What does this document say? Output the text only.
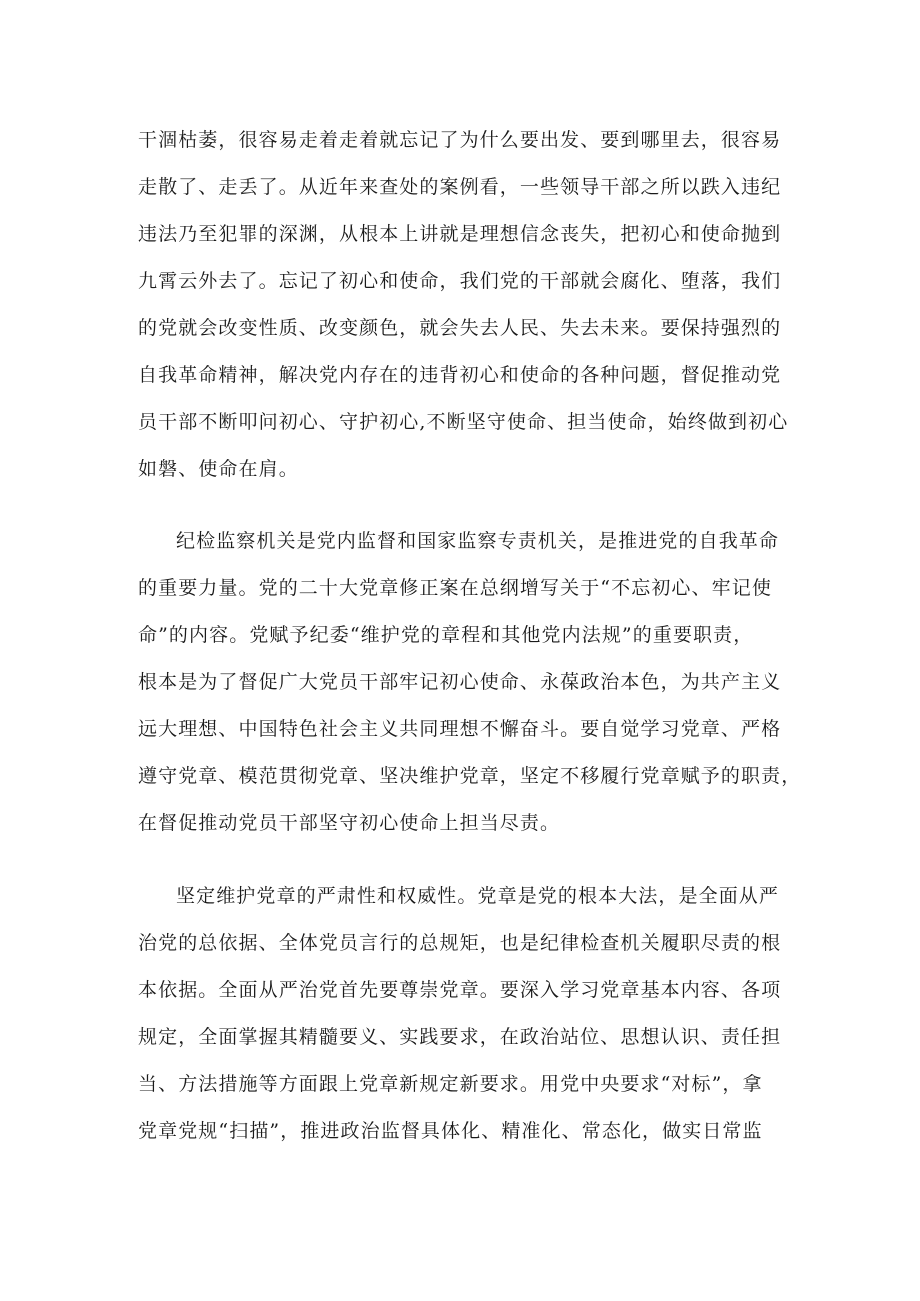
干涸枯萎，很容易走着走着就忘记了为什么要出发、要到哪里去，很容易
走散了、走丢了。从近年来查处的案例看，一些领导干部之所以跌入违纪
违法乃至犯罪的深渊，从根本上讲就是理想信念丧失，把初心和使命抛到
九霄云外去了。忘记了初心和使命，我们党的干部就会腐化、堕落，我们
的党就会改变性质、改变颜色，就会失去人民、失去未来。要保持强烈的
自我革命精神，解决党内存在的违背初心和使命的各种问题，督促推动党
员干部不断叩问初心、守护初心,不断坚守使命、担当使命，始终做到初心
如磐、使命在肩。
纪检监察机关是党内监督和国家监察专责机关，是推进党的自我革命
的重要力量。党的二十大党章修正案在总纲增写关于“不忘初心、牢记使
命”的内容。党赋予纪委“维护党的章程和其他党内法规”的重要职责，
根本是为了督促广大党员干部牢记初心使命、永葆政治本色，为共产主义
远大理想、中国特色社会主义共同理想不懈奋斗。要自觉学习党章、严格
遵守党章、模范贯彻党章、坚决维护党章，坚定不移履行党章赋予的职责，
在督促推动党员干部坚守初心使命上担当尽责。
坚定维护党章的严肃性和权威性。党章是党的根本大法，是全面从严
治党的总依据、全体党员言行的总规矩，也是纪律检查机关履职尽责的根
本依据。全面从严治党首先要尊崇党章。要深入学习党章基本内容、各项
规定，全面掌握其精髓要义、实践要求，在政治站位、思想认识、责任担
当、方法措施等方面跟上党章新规定新要求。用党中央要求“对标”，拿
党章党规“扫描”，推进政治监督具体化、精准化、常态化，做实日常监
